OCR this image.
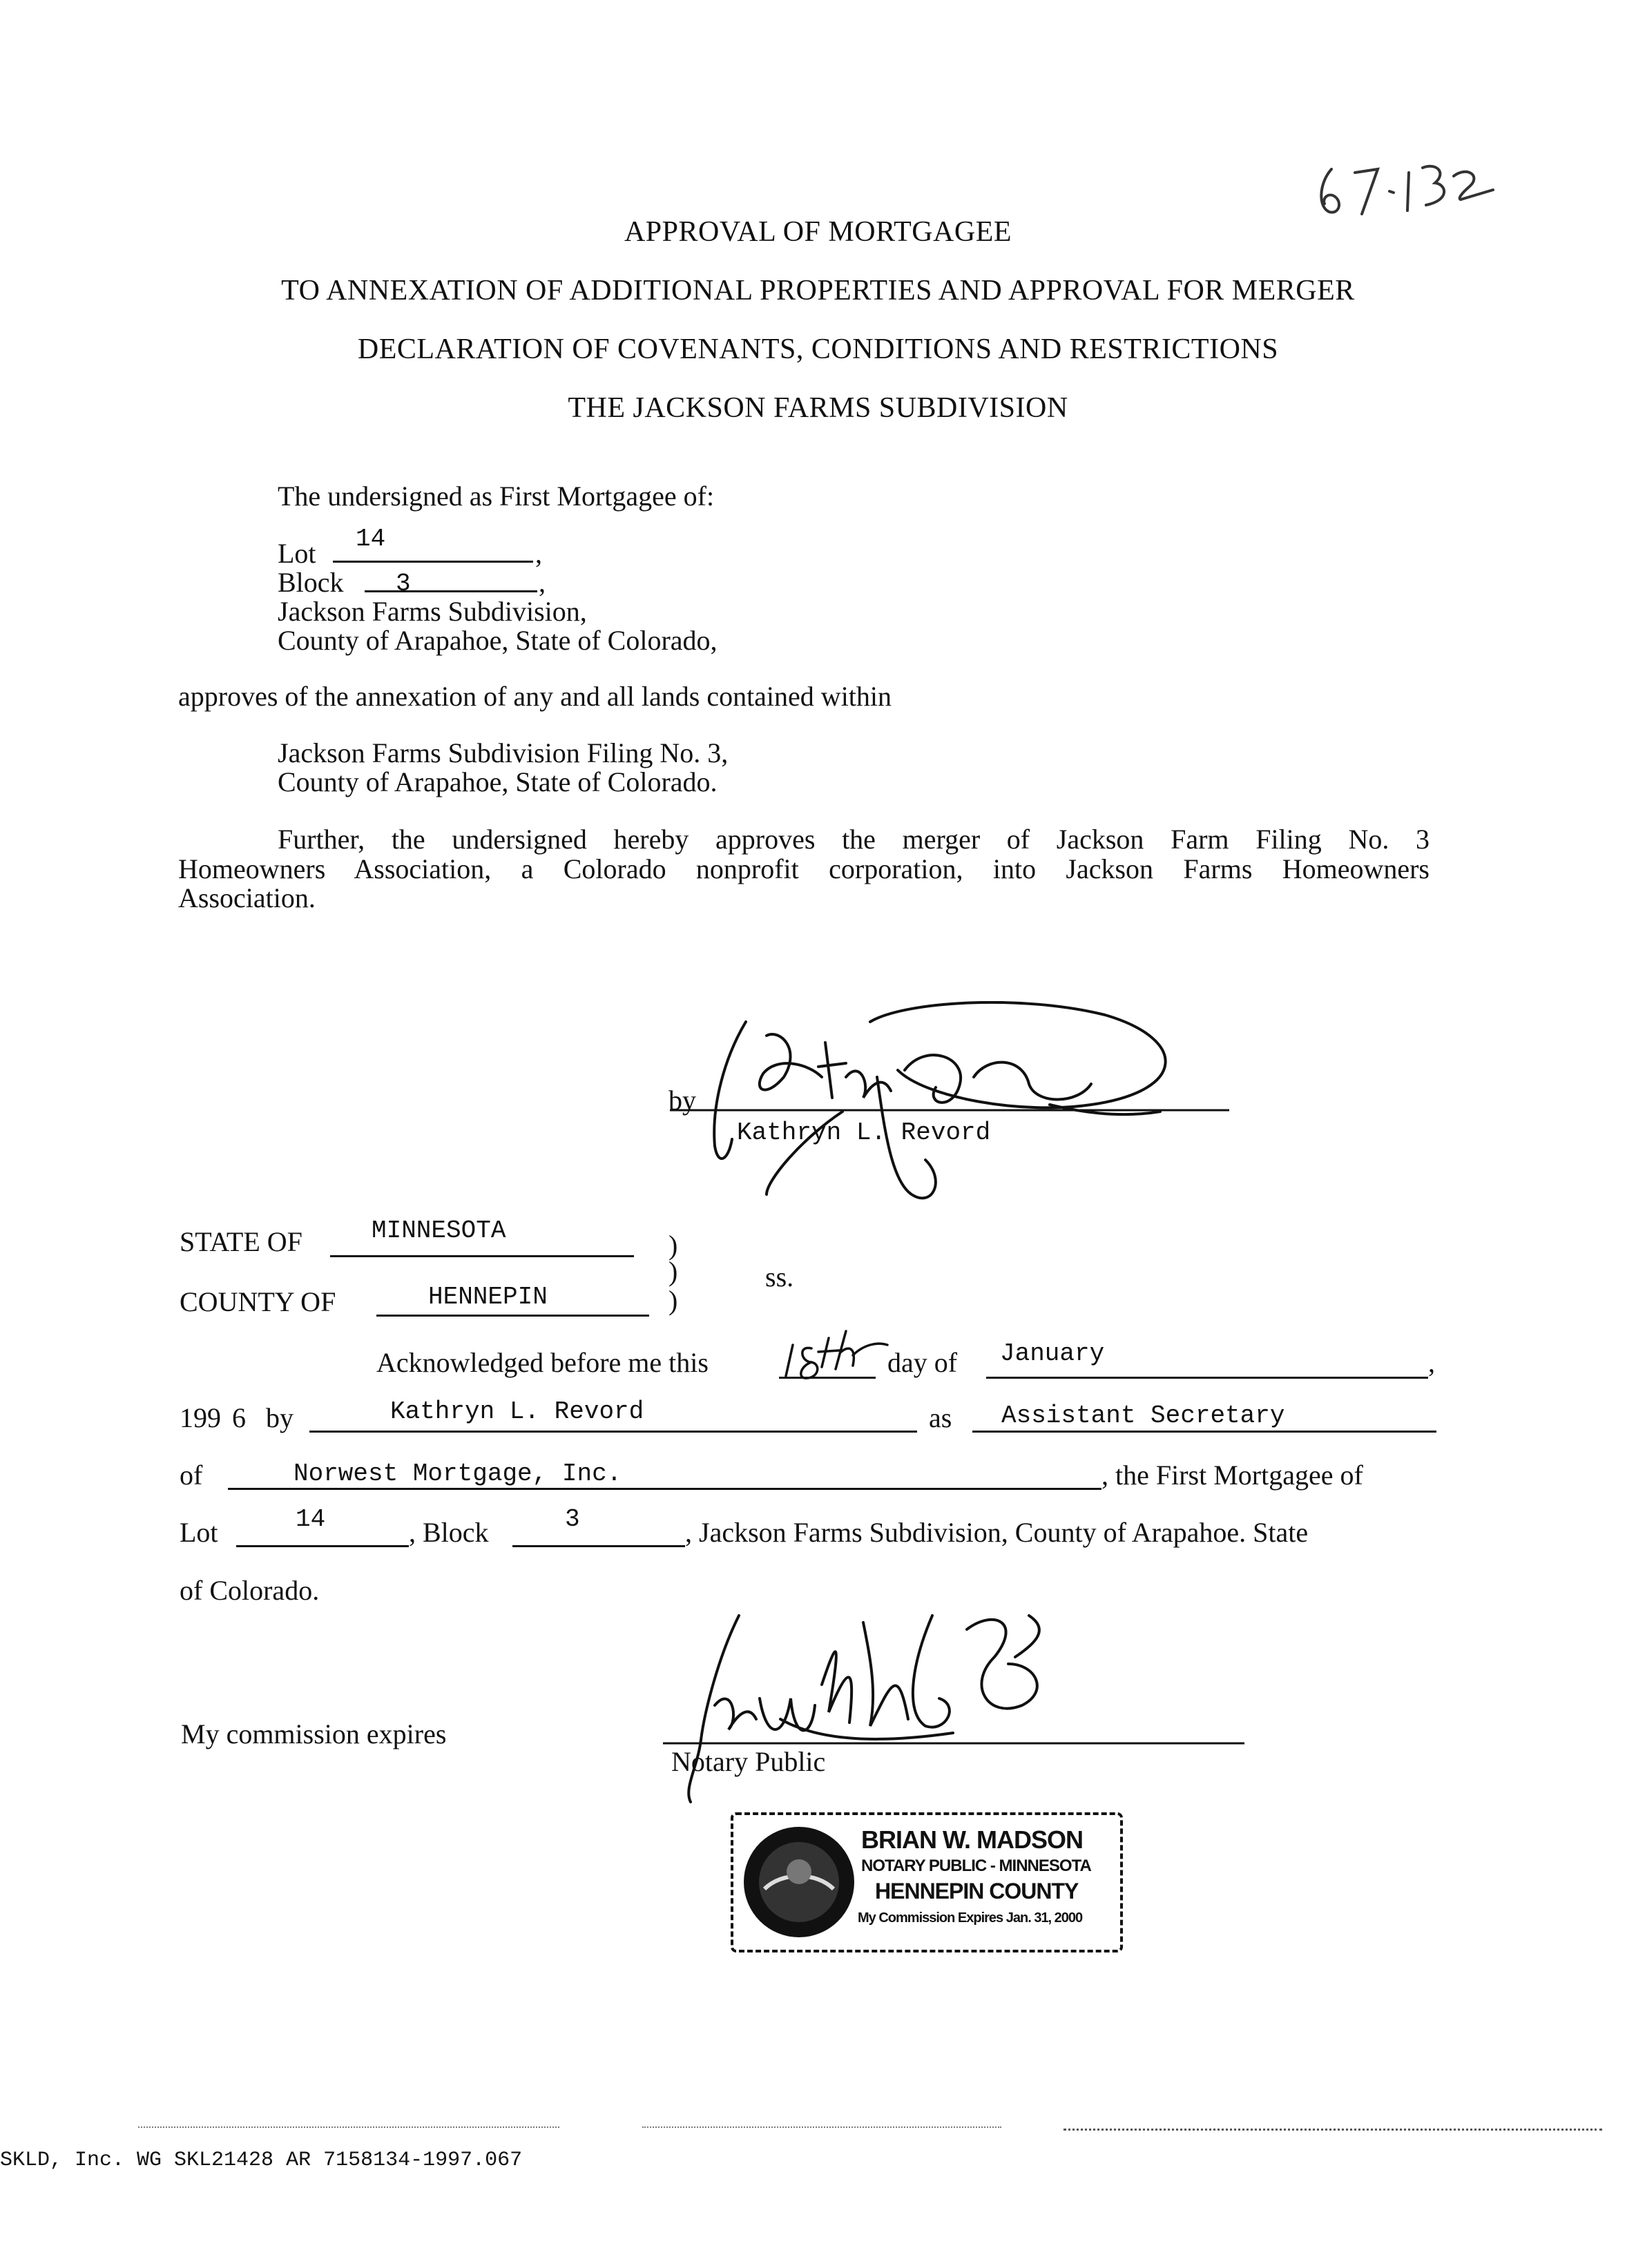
67-132
APPROVAL OF MORTGAGEE
TO ANNEXATION OF ADDITIONAL PROPERTIES AND APPROVAL FOR MERGER
DECLARATION OF COVENANTS, CONDITIONS AND RESTRICTIONS
THE JACKSON FARMS SUBDIVISION
The undersigned as First Mortgagee of:
Lot 14	,
Block 3	,
Jackson Farms Subdivision,
County of Arapahoe, State of Colorado,
approves of the annexation of any and all lands contained within
Jackson Farms Subdivision Filing No. 3,
County of Arapahoe, State of Colorado.
Further, the undersigned hereby approves the merger of Jackson Farm Filing No. 3
Homeowners Association, a Colorado nonprofit corporation, into Jackson Farms Homeowners
Association.
by
Kathryn L. Revord
STATE OF	MINNESOTA	)
)	ss.
COUNTY OF	HENNEPIN	)
Acknowledged before me this	day of January	,
199 6 by	Kathryn L. Revord	as Assistant Secretary
of	Norwest Mortgage, Inc.	, the First Mortgagee of
Lot	14	, Block	3	, Jackson Farms Subdivision, County of Arapahoe. State
of Colorado.
My commission expires
Notary Public
BRIAN W. MADSON
NOTARY PUBLIC - MINNESOTA
HENNEPIN COUNTY
My Commission Expires Jan. 31, 2000
SKLD, Inc. WG SKL21428 AR 7158134-1997.067
